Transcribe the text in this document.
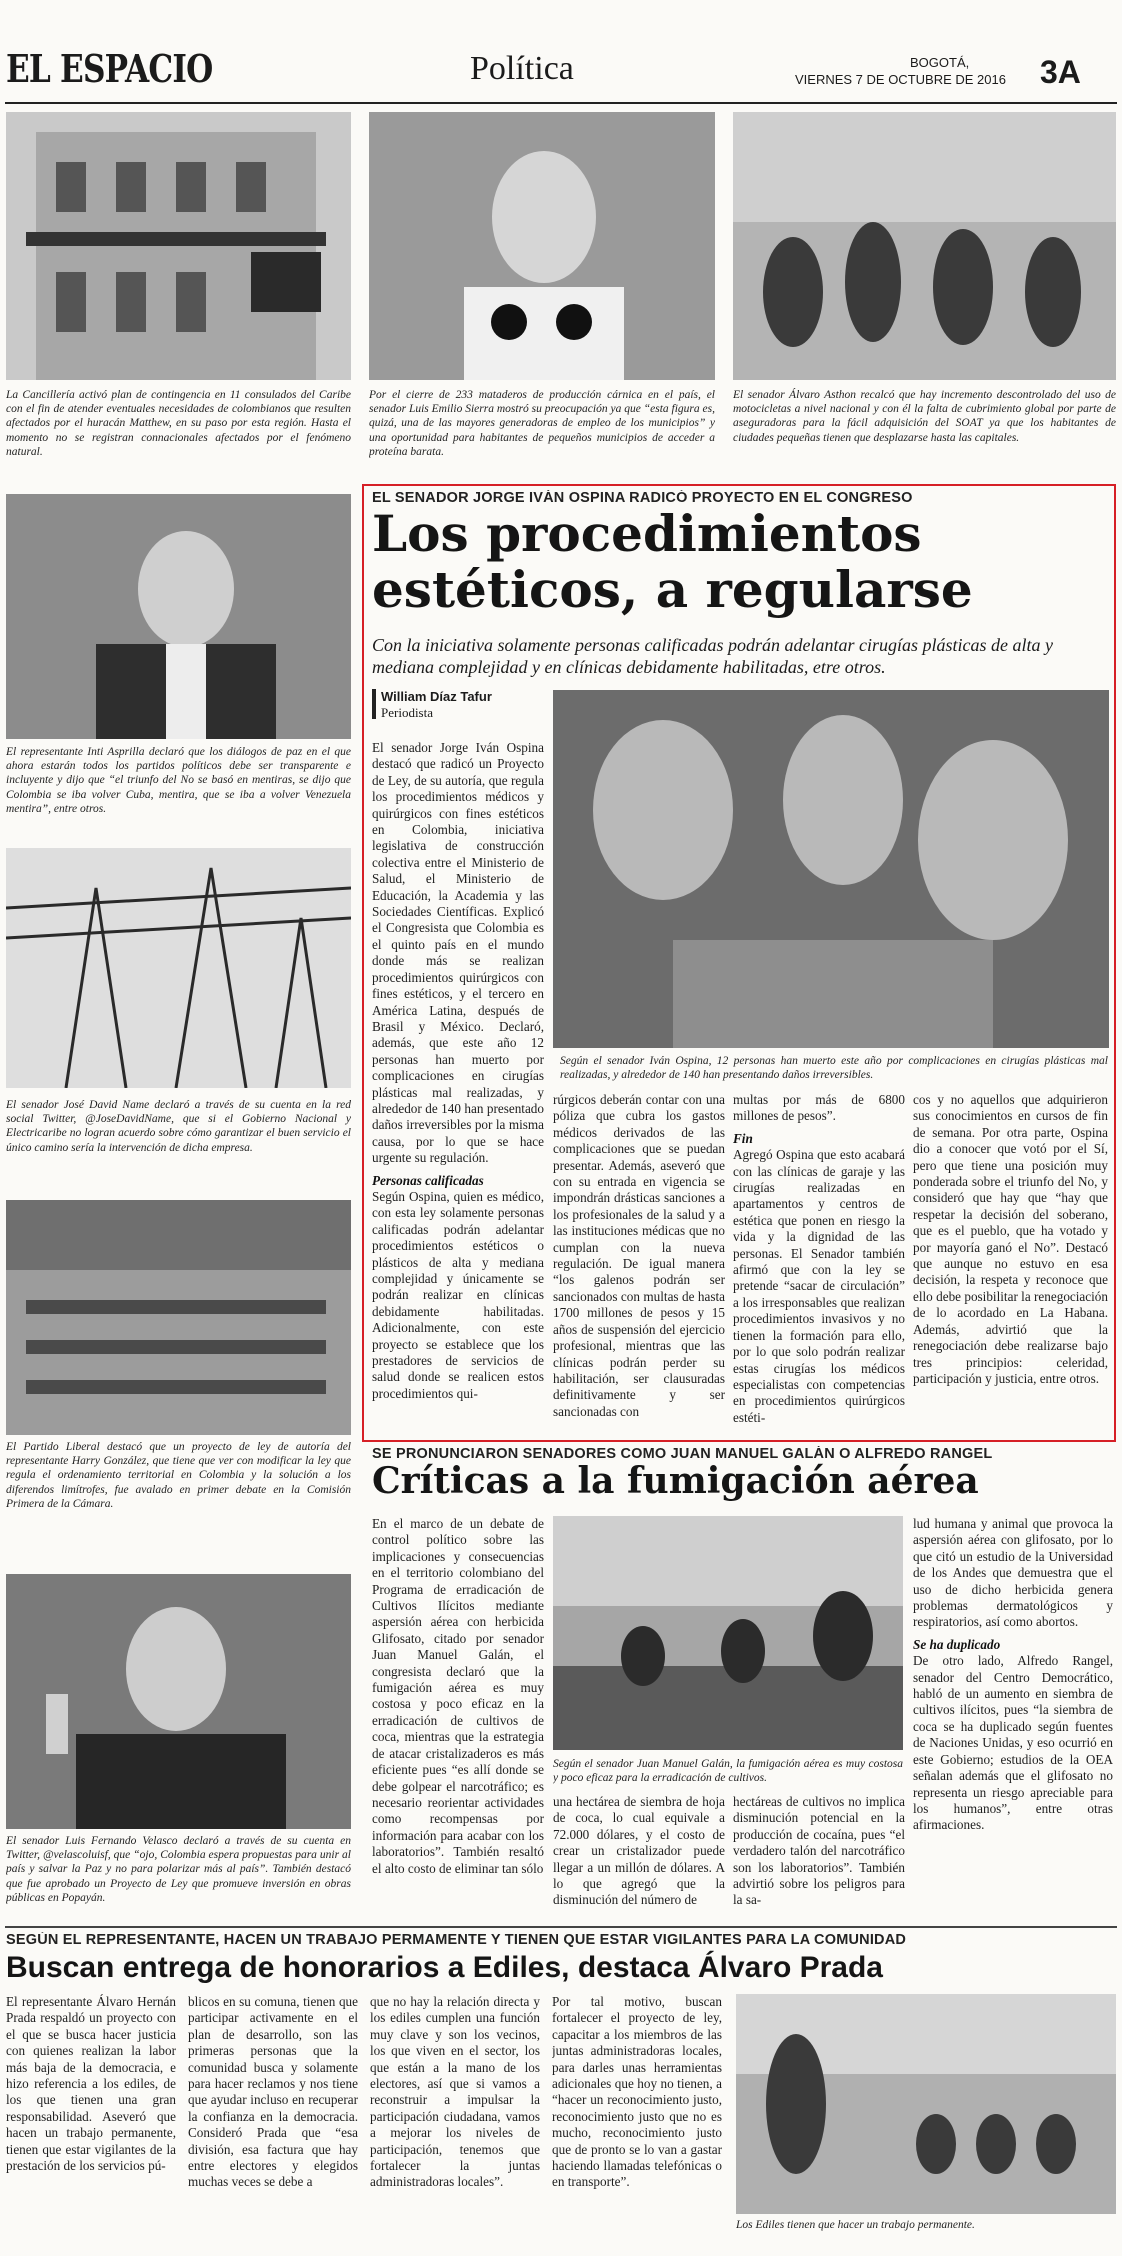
EL ESPACIO	Política	BOGOTÁ,
VIERNES 7 DE OCTUBRE DE 2016 3A
La Cancillería activó plan de contingencia en 11 consulados del Caribe con el fin de atender eventuales necesidades de colombianos que resulten afectados por el huracán Matthew, en su paso por esta región. Hasta el momento no se registran connacionales afectados por el fenómeno natural.
Por el cierre de 233 mataderos de producción cárnica en el país, el senador Luis Emilio Sierra mostró su preocupación ya que “esta figura es, quizá, una de las mayores generadoras de empleo de los municipios” y una oportunidad para habitantes de pequeños municipios de acceder a proteína barata.
El senador Álvaro Asthon recalcó que hay incremento descontrolado del uso de motocicletas a nivel nacional y con él la falta de cubrimiento global por parte de aseguradoras para la fácil adquisición del SOAT ya que los habitantes de ciudades pequeñas tienen que desplazarse hasta las capitales.
El representante Inti Asprilla declaró que los diálogos de paz en el que ahora estarán todos los partidos políticos debe ser transparente e incluyente y dijo que “el triunfo del No se basó en mentiras, se dijo que Colombia se iba volver Cuba, mentira, que se iba a volver Venezuela mentira”, entre otros.
El senador José David Name declaró a través de su cuenta en la red social Twitter, @JoseDavidName, que si el Gobierno Nacional y Electricaribe no logran acuerdo sobre cómo garantizar el buen servicio el único camino sería la intervención de dicha empresa.
El Partido Liberal destacó que un proyecto de ley de autoría del representante Harry González, que tiene que ver con modificar la ley que regula el ordenamiento territorial en Colombia y la solución a los diferendos limítrofes, fue avalado en primer debate en la Comisión Primera de la Cámara.
El senador Luis Fernando Velasco declaró a través de su cuenta en Twitter, @velascoluisf, que “ojo, Colombia espera propuestas para unir al país y salvar la Paz y no para polarizar más al país”. También destacó que fue aprobado un Proyecto de Ley que promueve inversión en obras públicas en Popayán.
EL SENADOR JORGE IVÁN OSPINA RADICÓ PROYECTO EN EL CONGRESO
Los procedimientos
estéticos, a regularse
Con la iniciativa solamente personas calificadas podrán adelantar cirugías plásticas de alta y mediana complejidad y en clínicas debidamente habilitadas, etre otros.
William Díaz Tafur
Periodista
Según el senador Iván Ospina, 12 personas han muerto este año por complicaciones en cirugías plásticas mal realizadas, y alrededor de 140 han presentando daños irreversibles.

El senador Jorge Iván Ospina destacó que radicó un Proyecto de Ley, de su autoría, que regula los procedimientos médicos y quirúrgicos con fines estéticos en Colombia, iniciativa legislativa de construcción colectiva entre el Ministerio de Salud, el Ministerio de Educación, la Academia y las Sociedades Científicas. Explicó el Congresista que Colombia es el quinto país en el mundo donde más se realizan procedimientos quirúrgicos con fines estéticos, y el tercero en América Latina, después de Brasil y México. Declaró, además, que este año 12 personas han muerto por complicaciones en cirugías plásticas mal realizadas, y alrededor de 140 han presentado daños irreversibles por la misma causa, por lo que se hace urgente su regulación.

Personas calificadas

Según Ospina, quien es médico, con esta ley solamente personas calificadas podrán adelantar procedimientos estéticos o plásticos de alta y mediana complejidad y únicamente se podrán realizar en clínicas debidamente habilitadas. Adicionalmente, con este proyecto se establece que los prestadores de servicios de salud donde se realicen estos procedimientos qui-

rúrgicos deberán contar con una póliza que cubra los gastos médicos derivados de las complicaciones que se puedan presentar. Además, aseveró que con su entrada en vigencia se impondrán drásticas sanciones a los profesionales de la salud y a las instituciones médicas que no cumplan con la nueva regulación. De igual manera “los galenos podrán ser sancionados con multas de hasta 1700 millones de pesos y 15 años de suspensión del ejercicio profesional, mientras que las clínicas podrán perder su habilitación, ser clausuradas definitivamente y ser sancionadas con

multas por más de 6800 millones de pesos”.

Fin

Agregó Ospina que esto acabará con las clínicas de garaje y las cirugías realizadas en apartamentos y centros de estética que ponen en riesgo la vida y la dignidad de las personas. El Senador también afirmó que con la ley se pretende “sacar de circulación” a los irresponsables que realizan procedimientos invasivos y no tienen la formación para ello, por lo que solo podrán realizar estas cirugías los médicos especialistas con competencias en procedimientos quirúrgicos estéti-

cos y no aquellos que adquirieron sus conocimientos en cursos de fin de semana. Por otra parte, Ospina dio a conocer que votó por el Sí, pero que tiene una posición muy ponderada sobre el triunfo del No, y consideró que hay que “hay que respetar la decisión del soberano, que es el pueblo, que ha votado y por mayoría ganó el No”. Destacó que aunque no estuvo en esa decisión, la respeta y reconoce que ello debe posibilitar la renegociación de lo acordado en La Habana. Además, advirtió que la renegociación debe realizarse bajo tres principios: celeridad, participación y justicia, entre otros.

SE PRONUNCIARON SENADORES COMO JUAN MANUEL GALÁN O ALFREDO RANGEL
Críticas a la fumigación aérea

En el marco de un debate de control político sobre las implicaciones y consecuencias en el territorio colombiano del Programa de erradicación de Cultivos Ilícitos mediante aspersión aérea con herbicida Glifosato, citado por senador Juan Manuel Galán, el congresista declaró que la fumigación aérea es muy costosa y poco eficaz en la erradicación de cultivos de coca, mientras que la estrategia de atacar cristalizaderos es más eficiente pues “es allí donde se debe golpear el narcotráfico; es necesario reorientar actividades como recompensas por información para acabar con los laboratorios”. También resaltó el alto costo de eliminar tan sólo

Según el senador Juan Manuel Galán, la fumigación aérea es muy costosa y poco eficaz para la erradicación de cultivos.

una hectárea de siembra de hoja de coca, lo cual equivale a 72.000 dólares, y el costo de crear un cristalizador puede llegar a un millón de dólares. A lo que agregó que la disminución del número de

hectáreas de cultivos no implica disminución potencial en la producción de cocaína, pues “el verdadero talón del narcotráfico son los laboratorios”. También advirtió sobre los peligros para la sa-

lud humana y animal que provoca la aspersión aérea con glifosato, por lo que citó un estudio de la Universidad de los Andes que demuestra que el uso de dicho herbicida genera problemas dermatológicos y respiratorios, así como abortos.

Se ha duplicado

De otro lado, Alfredo Rangel, senador del Centro Democrático, habló de un aumento en siembra de cultivos ilícitos, pues “la siembra de coca se ha duplicado según fuentes de Naciones Unidas, y eso ocurrió en este Gobierno; estudios de la OEA señalan además que el glifosato no representa un riesgo apreciable para los humanos”, entre otras afirmaciones.

SEGÚN EL REPRESENTANTE, HACEN UN TRABAJO PERMAMENTE Y TIENEN QUE ESTAR VIGILANTES PARA LA COMUNIDAD
Buscan entrega de honorarios a Ediles, destaca Álvaro Prada

El representante Álvaro Hernán Prada respaldó un proyecto con el que se busca hacer justicia con quienes realizan la labor más baja de la democracia, e hizo referencia a los ediles, de los que tienen una gran responsabilidad. Aseveró que hacen un trabajo permanente, tienen que estar vigilantes de la prestación de los servicios pú-

blicos en su comuna, tienen que participar activamente en el plan de desarrollo, son las primeras personas que la comunidad busca y solamente para hacer reclamos y nos tiene que ayudar incluso en recuperar la confianza en la democracia. Consideró Prada que “esa división, esa factura que hay entre electores y elegidos muchas veces se debe a

que no hay la relación directa y los ediles cumplen una función muy clave y son los vecinos, los que viven en el sector, los que están a la mano de los electores, así que si vamos a reconstruir a impulsar la participación ciudadana, vamos a mejorar los niveles de participación, tenemos que fortalecer la juntas administradoras locales”.

Por tal motivo, buscan fortalecer el proyecto de ley, capacitar a los miembros de las juntas administradoras locales, para darles unas herramientas adicionales que hoy no tienen, a “hacer un reconocimiento justo, reconocimiento justo que no es mucho, reconocimiento justo que de pronto se lo van a gastar haciendo llamadas telefónicas o en transporte”.

Los Ediles tienen que hacer un trabajo permanente.
